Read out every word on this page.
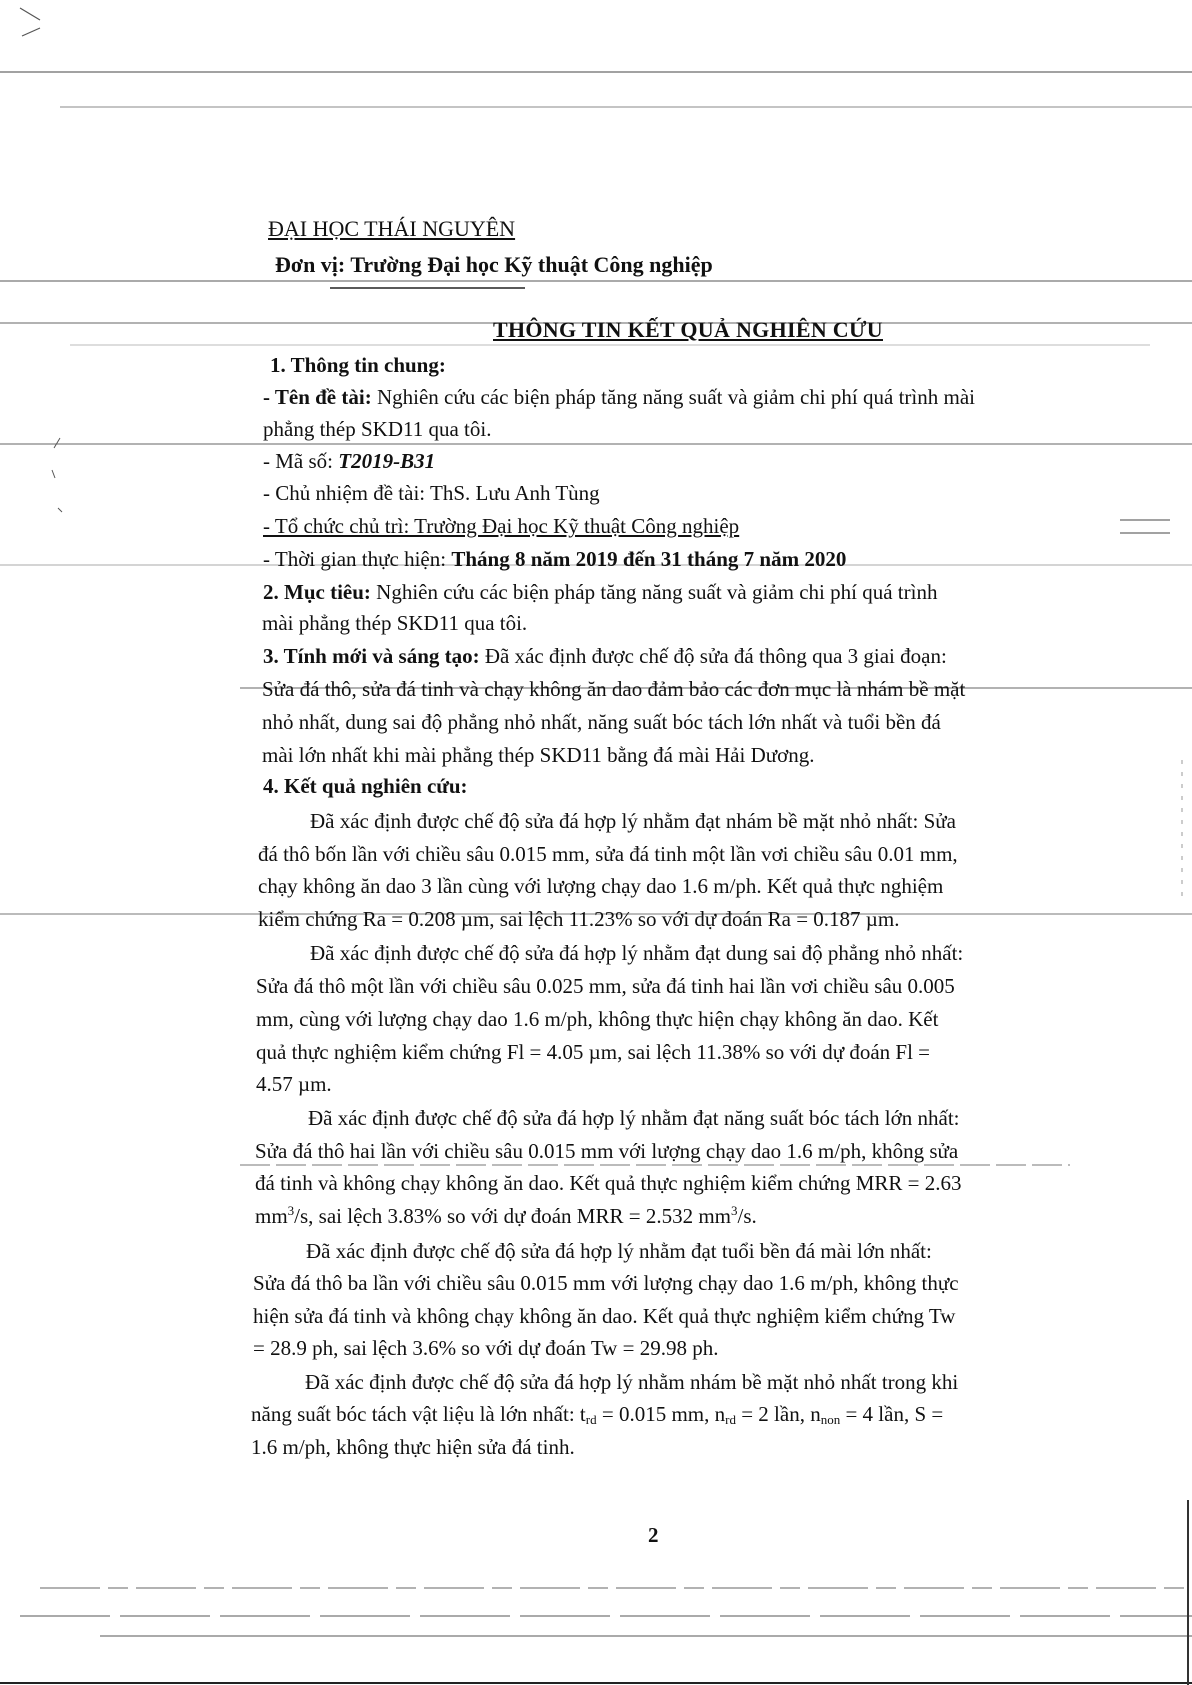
ĐẠI HỌC THÁI NGUYÊN

Đơn vị: Trường Đại học Kỹ thuật Công nghiệp

THÔNG TIN KẾT QUẢ NGHIÊN CỨU

1. Thông tin chung:

- Tên đề tài: Nghiên cứu các biện pháp tăng năng suất và giảm chi phí quá trình mài

phẳng thép SKD11 qua tôi.

- Mã số: T2019-B31

- Chủ nhiệm đề tài: ThS. Lưu Anh Tùng

- Tổ chức chủ trì: Trường Đại học Kỹ thuật Công nghiệp

- Thời gian thực hiện: Tháng 8 năm 2019 đến 31 tháng 7 năm 2020

2. Mục tiêu: Nghiên cứu các biện pháp tăng năng suất và giảm chi phí quá trình

mài phẳng thép SKD11 qua tôi.

3. Tính mới và sáng tạo: Đã xác định được chế độ sửa đá thông qua 3 giai đoạn:

Sửa đá thô, sửa đá tinh và chạy không ăn dao đảm bảo các đơn mục là nhám bề mặt

nhỏ nhất, dung sai độ phẳng nhỏ nhất, năng suất bóc tách lớn nhất và tuổi bền đá

mài lớn nhất khi mài phẳng thép SKD11 bằng đá mài Hải Dương.

4. Kết quả nghiên cứu:

Đã xác định được chế độ sửa đá hợp lý nhằm đạt nhám bề mặt nhỏ nhất: Sửa

đá thô bốn lần với chiều sâu 0.015 mm, sửa đá tinh một lần vơi chiều sâu 0.01 mm,

chạy không ăn dao 3 lần cùng với lượng chạy dao 1.6 m/ph. Kết quả thực nghiệm

kiểm chứng Ra = 0.208 µm, sai lệch 11.23% so với dự đoán Ra = 0.187 µm.

Đã xác định được chế độ sửa đá hợp lý nhằm đạt dung sai độ phẳng nhỏ nhất:

Sửa đá thô một lần với chiều sâu 0.025 mm, sửa đá tinh hai lần vơi chiều sâu 0.005

mm, cùng với lượng chạy dao 1.6 m/ph, không thực hiện chạy không ăn dao. Kết

quả thực nghiệm kiểm chứng Fl = 4.05 µm, sai lệch 11.38% so với dự đoán Fl =

4.57 µm.

Đã xác định được chế độ sửa đá hợp lý nhằm đạt năng suất bóc tách lớn nhất:

Sửa đá thô hai lần với chiều sâu 0.015 mm với lượng chạy dao 1.6 m/ph, không sửa

đá tinh và không chạy không ăn dao. Kết quả thực nghiệm kiểm chứng MRR = 2.63

$mm^3/s$, sai lệch 3.83% so với dự đoán MRR = 2.532 $mm^3/s$.

Đã xác định được chế độ sửa đá hợp lý nhằm đạt tuổi bền đá mài lớn nhất:

Sửa đá thô ba lần với chiều sâu 0.015 mm với lượng chạy dao 1.6 m/ph, không thực

hiện sửa đá tinh và không chạy không ăn dao. Kết quả thực nghiệm kiểm chứng Tw

= 28.9 ph, sai lệch 3.6% so với dự đoán Tw = 29.98 ph.

Đã xác định được chế độ sửa đá hợp lý nhằm nhám bề mặt nhỏ nhất trong khi

năng suất bóc tách vật liệu là lớn nhất: $t_{rd} = 0.015$ mm, $n_{rd} = 2$ lần, $n_{non} = 4$ lần, S =

1.6 m/ph, không thực hiện sửa đá tinh.

2
